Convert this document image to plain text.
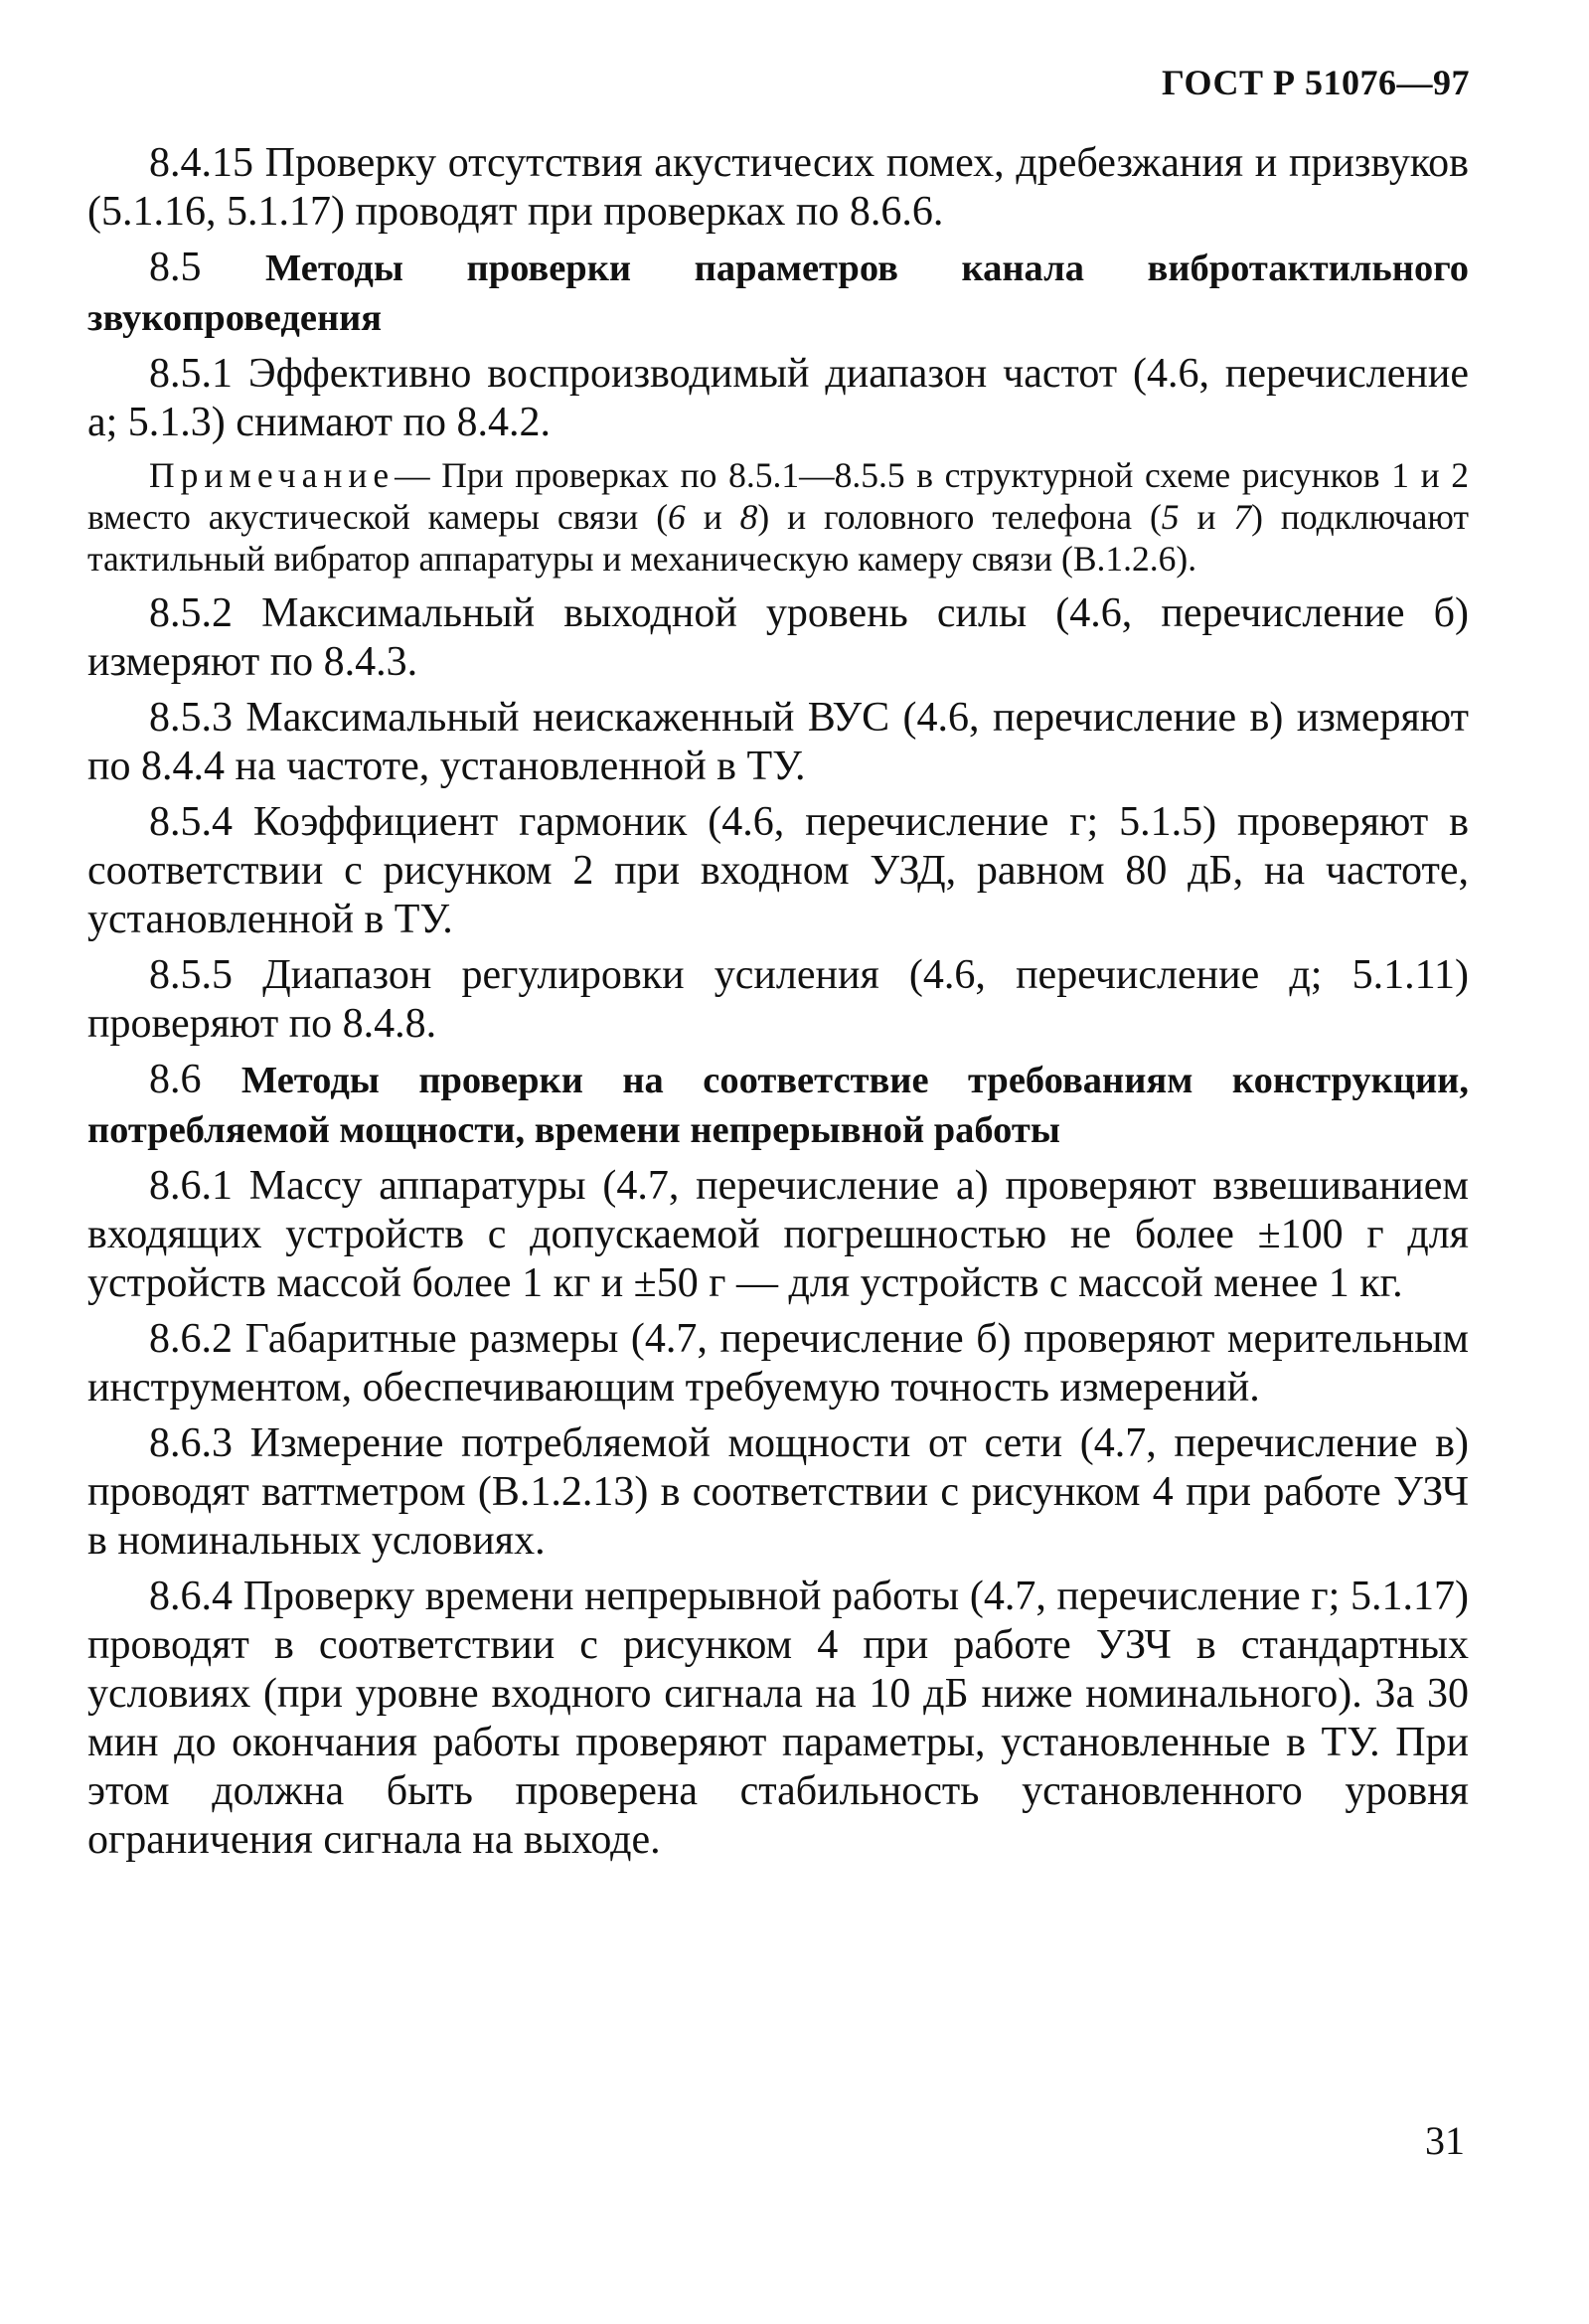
ГОСТ Р 51076—97

8.4.15 Проверку отсутствия акустичесих помех, дребезжания и призвуков (5.1.16, 5.1.17) проводят при проверках по 8.6.6.

8.5 Методы проверки параметров канала вибротактильного звукопроведения

8.5.1 Эффективно воспроизводимый диапазон частот (4.6, перечисление а; 5.1.3) снимают по 8.4.2.

Примечание— При проверках по 8.5.1—8.5.5 в структурной схеме рисунков 1 и 2 вместо акустической камеры связи (6 и 8) и головного телефона (5 и 7) подключают тактильный вибратор аппаратуры и механическую камеру связи (В.1.2.6).

8.5.2 Максимальный выходной уровень силы (4.6, перечисление б) измеряют по 8.4.3.

8.5.3 Максимальный неискаженный ВУС (4.6, перечисление в) измеряют по 8.4.4 на частоте, установленной в ТУ.

8.5.4 Коэффициент гармоник (4.6, перечисление г; 5.1.5) проверяют в соответствии с рисунком 2 при входном УЗД, равном 80 дБ, на частоте, установленной в ТУ.

8.5.5 Диапазон регулировки усиления (4.6, перечисление д; 5.1.11) проверяют по 8.4.8.

8.6 Методы проверки на соответствие требованиям конструкции, потребляемой мощности, времени непрерывной работы

8.6.1 Массу аппаратуры (4.7, перечисление а) проверяют взвешиванием входящих устройств с допускаемой погрешностью не более ±100 г для устройств массой более 1 кг и ±50 г — для устройств с массой менее 1 кг.

8.6.2 Габаритные размеры (4.7, перечисление б) проверяют мерительным инструментом, обеспечивающим требуемую точность измерений.

8.6.3 Измерение потребляемой мощности от сети (4.7, перечисление в) проводят ваттметром (В.1.2.13) в соответствии с рисунком 4 при работе УЗЧ в номинальных условиях.

8.6.4 Проверку времени непрерывной работы (4.7, перечисление г; 5.1.17) проводят в соответствии с рисунком 4 при работе УЗЧ в стандартных условиях (при уровне входного сигнала на 10 дБ ниже номинального). За 30 мин до окончания работы проверяют параметры, установленные в ТУ. При этом должна быть проверена стабильность установленного уровня ограничения сигнала на выходе.

31
